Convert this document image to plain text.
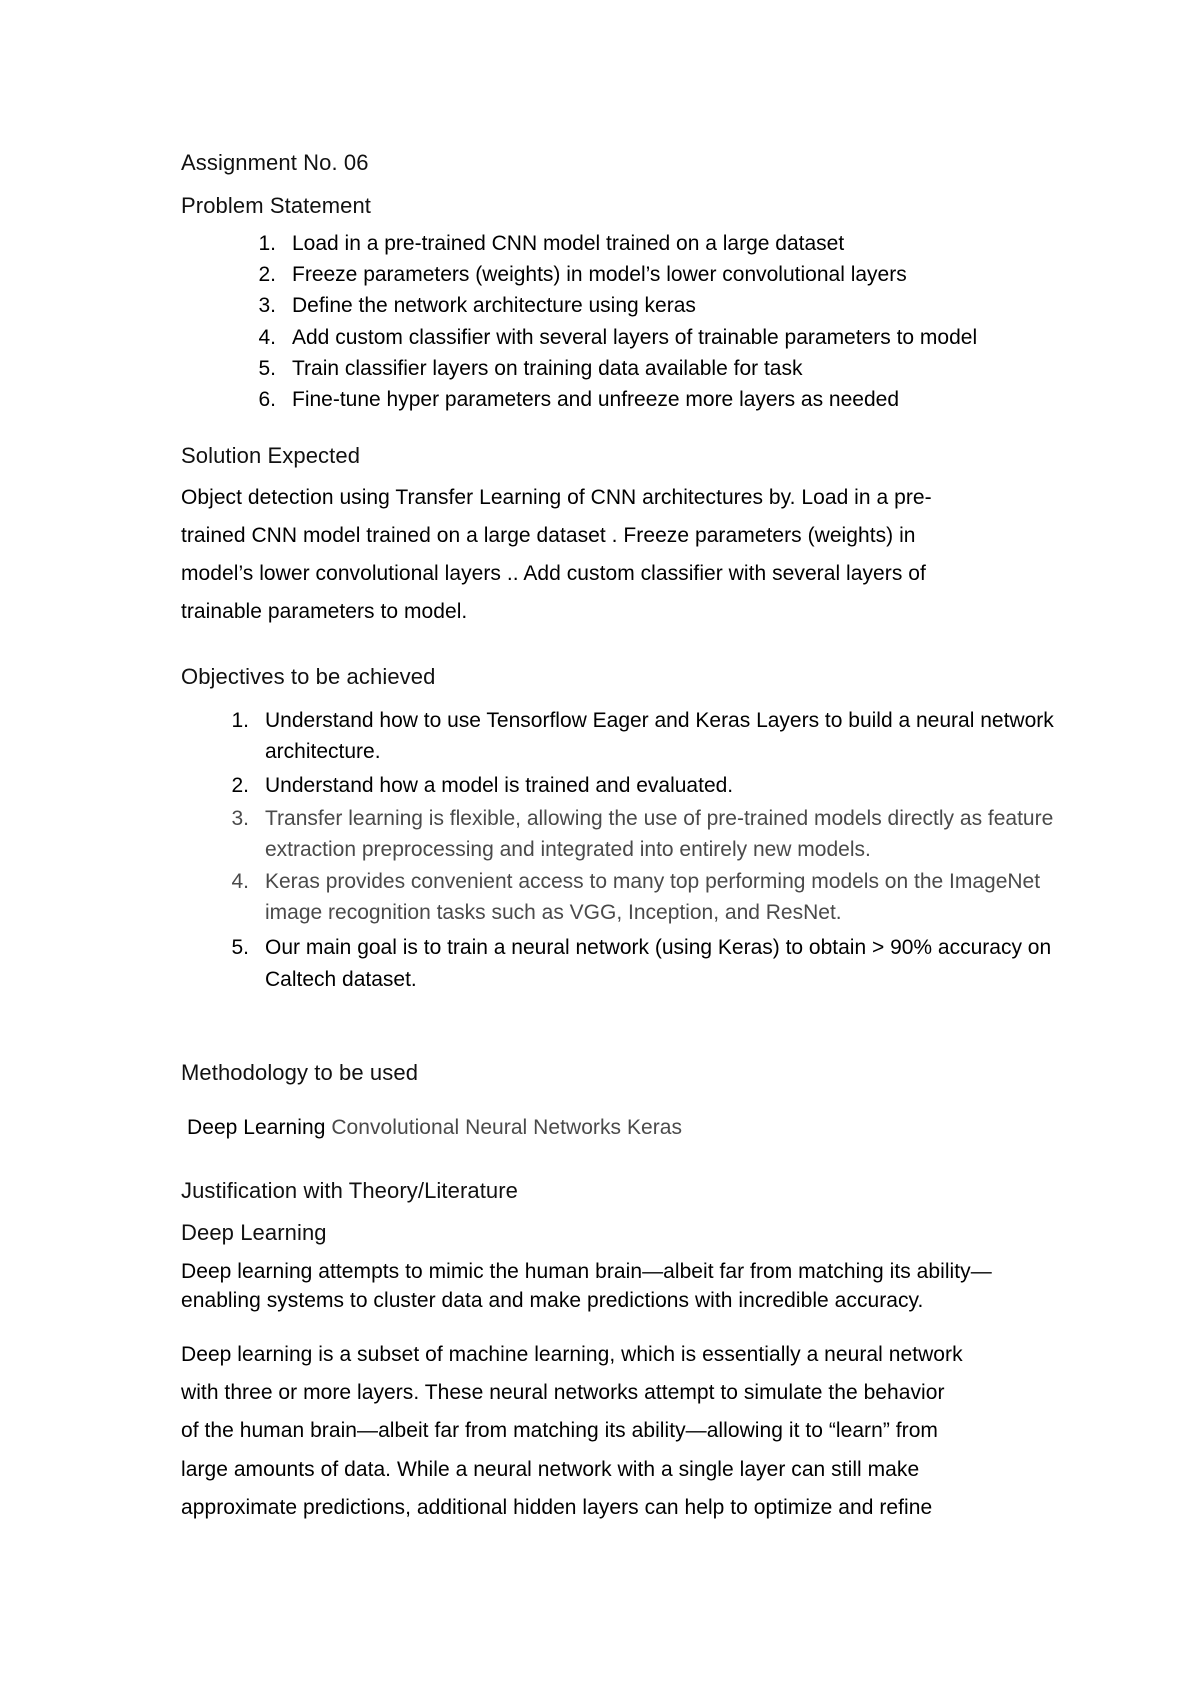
Assignment No. 06
Problem Statement
1. Load in a pre-trained CNN model trained on a large dataset
2. Freeze parameters (weights) in model’s lower convolutional layers
3. Define the network architecture using keras
4. Add custom classifier with several layers of trainable parameters to model
5. Train classifier layers on training data available for task
6. Fine-tune hyper parameters and unfreeze more layers as needed
Solution Expected
Object detection using Transfer Learning of CNN architectures by. Load in a pre-
trained CNN model trained on a large dataset . Freeze parameters (weights) in
model’s lower convolutional layers .. Add custom classifier with several layers of
trainable parameters to model.
Objectives to be achieved
1. Understand how to use Tensorflow Eager and Keras Layers to build a neural network
architecture.
2. Understand how a model is trained and evaluated.
3. Transfer learning is flexible, allowing the use of pre-trained models directly as feature
extraction preprocessing and integrated into entirely new models.
4. Keras provides convenient access to many top performing models on the ImageNet
image recognition tasks such as VGG, Inception, and ResNet.
5. Our main goal is to train a neural network (using Keras) to obtain > 90% accuracy on
Caltech dataset.
Methodology to be used
Deep Learning Convolutional Neural Networks Keras
Justification with Theory/Literature
Deep Learning
Deep learning attempts to mimic the human brain—albeit far from matching its ability—
enabling systems to cluster data and make predictions with incredible accuracy.
Deep learning is a subset of machine learning, which is essentially a neural network
with three or more layers. These neural networks attempt to simulate the behavior
of the human brain—albeit far from matching its ability—allowing it to “learn” from
large amounts of data. While a neural network with a single layer can still make
approximate predictions, additional hidden layers can help to optimize and refine
